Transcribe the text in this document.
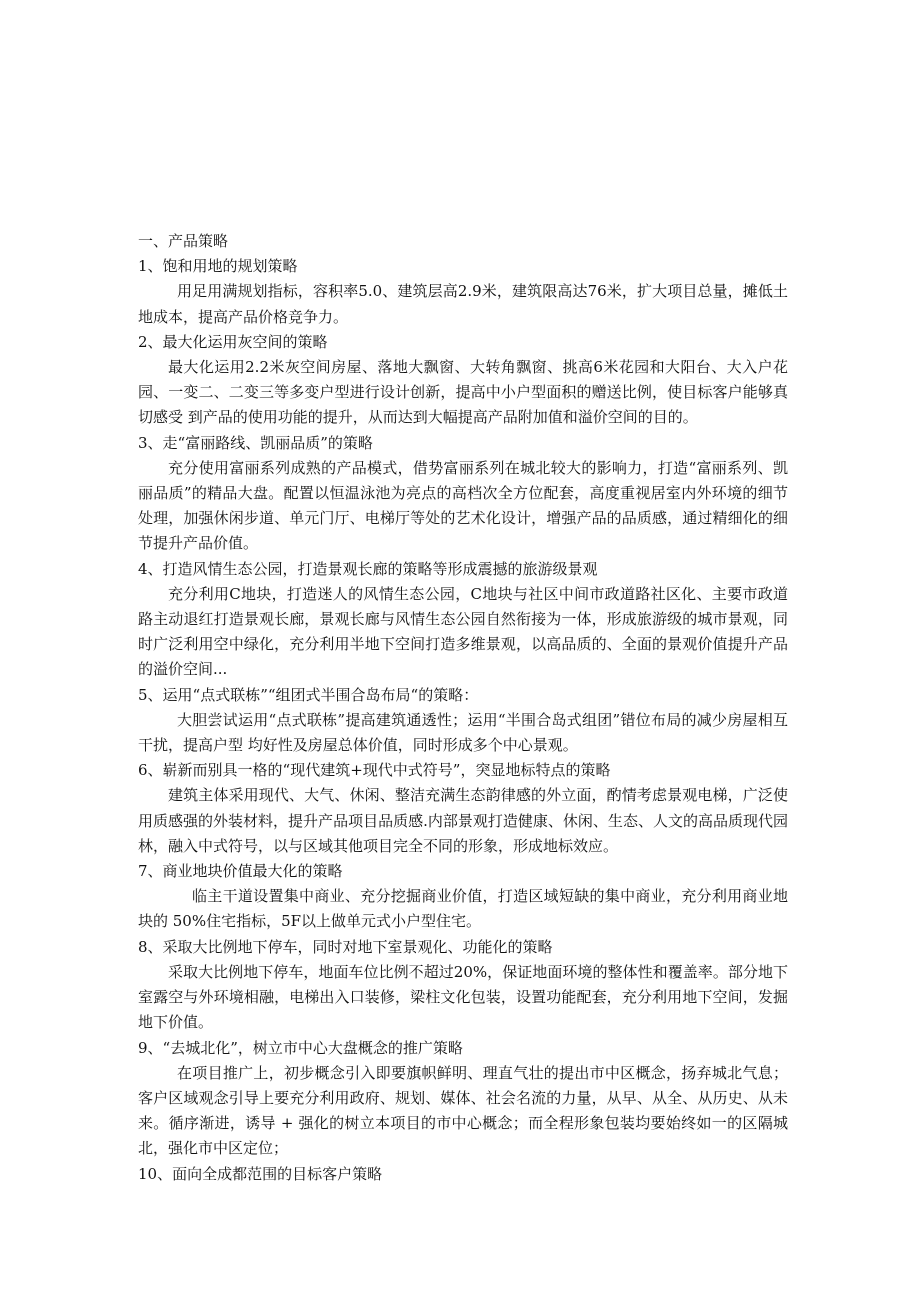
一、产品策略

1、饱和用地的规划策略

用足用满规划指标，容积率5.0、建筑层高2.9米，建筑限高达76米，扩大项目总量，摊低土地成本，提高产品价格竞争力。

2、最大化运用灰空间的策略

最大化运用2.2米灰空间房屋、落地大飘窗、大转角飘窗、挑高6米花园和大阳台、大入户花园、一变二、二变三等多变户型进行设计创新，提高中小户型面积的赠送比例，使目标客户能够真切感受 到产品的使用功能的提升，从而达到大幅提高产品附加值和溢价空间的目的。

3、走“富丽路线、凯丽品质”的策略

充分使用富丽系列成熟的产品模式，借势富丽系列在城北较大的影响力，打造“富丽系列、凯丽品质”的精品大盘。配置以恒温泳池为亮点的高档次全方位配套，高度重视居室内外环境的细节处理，加强休闲步道、单元门厅、电梯厅等处的艺术化设计，增强产品的品质感，通过精细化的细节提升产品价值。

4、打造风情生态公园，打造景观长廊的策略等形成震撼的旅游级景观

充分利用C地块，打造迷人的风情生态公园，C地块与社区中间市政道路社区化、主要市政道路主动退红打造景观长廊，景观长廊与风情生态公园自然衔接为一体，形成旅游级的城市景观，同时广泛利用空中绿化，充分利用半地下空间打造多维景观，以高品质的、全面的景观价值提升产品的溢价空间...

5、运用“点式联栋”“组团式半围合岛布局“的策略：

大胆尝试运用“点式联栋”提高建筑通透性；运用“半围合岛式组团”错位布局的减少房屋相互干扰，提高户型 均好性及房屋总体价值，同时形成多个中心景观。

6、崭新而别具一格的“现代建筑+现代中式符号”，突显地标特点的策略

建筑主体采用现代、大气、休闲、整洁充满生态韵律感的外立面，酌情考虑景观电梯，广泛使用质感强的外装材料，提升产品项目品质感.内部景观打造健康、休闲、生态、人文的高品质现代园林，融入中式符号，以与区域其他项目完全不同的形象，形成地标效应。

7、商业地块价值最大化的策略

临主干道设置集中商业、充分挖掘商业价值，打造区域短缺的集中商业，充分利用商业地块的 50%住宅指标，5F以上做单元式小户型住宅。

8、采取大比例地下停车，同时对地下室景观化、功能化的策略

采取大比例地下停车，地面车位比例不超过20%，保证地面环境的整体性和覆盖率。部分地下室露空与外环境相融，电梯出入口装修，梁柱文化包装，设置功能配套，充分利用地下空间，发掘地下价值。

9、“去城北化”，树立市中心大盘概念的推广策略

在项目推广上，初步概念引入即要旗帜鲜明、理直气壮的提出市中区概念，扬弃城北气息；客户区域观念引导上要充分利用政府、规划、媒体、社会名流的力量，从早、从全、从历史、从未来。循序渐进，诱导 + 强化的树立本项目的市中心概念；而全程形象包装均要始终如一的区隔城北，强化市中区定位；

10、面向全成都范围的目标客户策略
